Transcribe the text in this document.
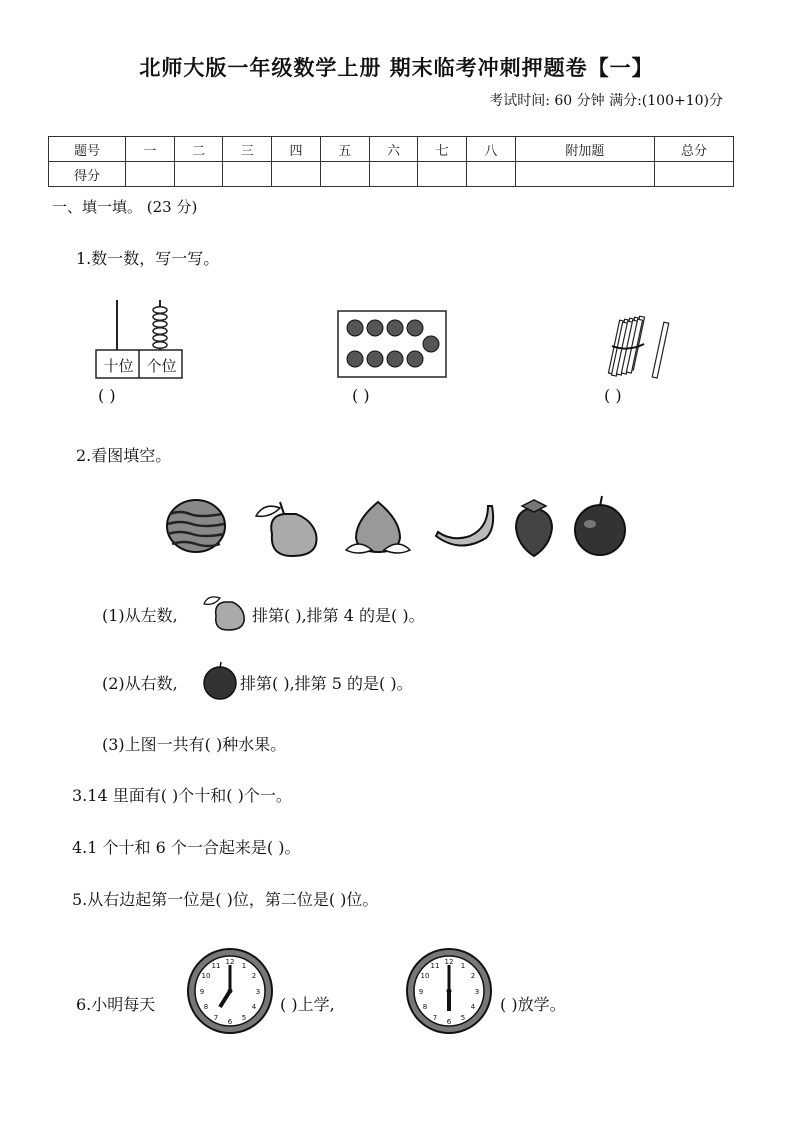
北师大版一年级数学上册 期末临考冲刺押题卷【一】
考试时间: 60 分钟 满分:(100+10)分
题号	一	二	三	四	五	六	七	八	附加题	总分
得分										
一、填一填。 (23 分)
1.数一数，写一写。
十位 个位
( )	( )	( )
2.看图填空。
(1)从左数,	排第( ),排第 4 的是( )。
(2)从右数,	排第( ),排第 5 的是( )。
(3)上图一共有( )种水果。
3.14 里面有( )个十和( )个一。
4.1 个十和 6 个一合起来是( )。
5.从右边起第一位是( )位，第二位是( )位。
6.小明每天
12 1
2
3
4
5
6
7
8
9
10
11
( )上学,
12 1
2
3
4
5
6
7
8
9
10
11
( )放学。
